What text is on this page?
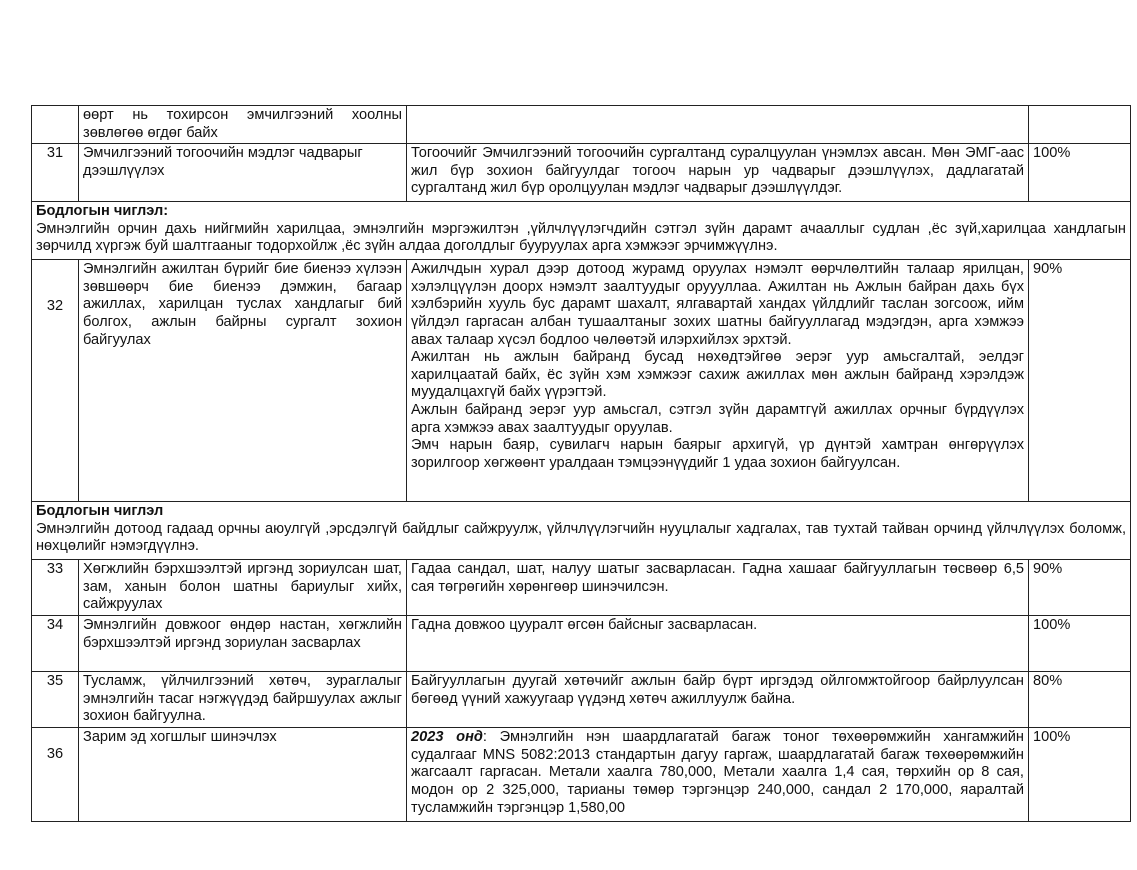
	өөрт нь тохирсон эмчилгээний хоолны зөвлөгөө өгдөг байх		
31	Эмчилгээний тогоочийн мэдлэг чадварыг дээшлүүлэх	Тогоочийг Эмчилгээний тогоочийн сургалтанд суралцуулан үнэмлэх авсан. Мөн ЭМГ-аас жил бүр зохион байгуулдаг тогооч нарын ур чадварыг дээшлүүлэх, дадлагатай сургалтанд жил бүр оролцуулан мэдлэг чадварыг дээшлүүлдэг.	100%

Бодлогын чиглэл:
Эмнэлгийн орчин дахь нийгмийн харилцаа, эмнэлгийн мэргэжилтэн ,үйлчлүүлэгчдийн сэтгэл зүйн дарамт ачааллыг судлан ,ёс зүй,харилцаа хандлагын зөрчилд хүргэж буй шалтгааныг тодорхойлж ,ёс зүйн алдаа доголдлыг бууруулах арга хэмжээг эрчимжүүлнэ.			

32	Эмнэлгийн ажилтан бүрийг бие биенээ хүлээн зөвшөөрч бие биенээ дэмжин, багаар ажиллах, харилцан туслах хандлагыг бий болгох, ажлын байрны сургалт зохион байгуулах	Ажилчдын хурал дээр дотоод журамд оруулах нэмэлт өөрчлөлтийн талаар ярилцан, хэлэлцүүлэн доорх нэмэлт заалтуудыг оруууллаа. Ажилтан нь Ажлын байран дахь бүх хэлбэрийн хууль бус дарамт шахалт, ялгавартай хандах үйлдлийг таслан зогсоож, ийм үйлдэл гаргасан албан тушаалтаныг зохих шатны байгууллагад мэдэгдэн, арга хэмжээ авах талаар хүсэл бодлоо чөлөөтэй илэрхийлэх эрхтэй.
Ажилтан нь ажлын байранд бусад нөхөдтэйгөө эерэг уур амьсгалтай, эелдэг харилцаатай байх, ёс зүйн хэм хэмжээг сахиж ажиллах мөн ажлын байранд хэрэлдэж муудалцахгүй байх үүрэгтэй.
Ажлын байранд эерэг уур амьсгал, сэтгэл зүйн дарамтгүй ажиллах орчныг бүрдүүлэх арга хэмжээ авах заалтуудыг оруулав.
Эмч нарын баяр, сувилагч нарын баярыг архигүй, үр дүнтэй хамтран өнгөрүүлэх зорилгоор хөгжөөнт уралдаан тэмцээнүүдийг 1 удаа зохион байгуулсан.	90%

Бодлогын чиглэл
Эмнэлгийн дотоод гадаад орчны аюулгүй ,эрсдэлгүй байдлыг сайжруулж, үйлчлүүлэгчийн нууцлалыг хадгалах, тав тухтай тайван орчинд үйлчлүүлэх боломж, нөхцөлийг нэмэгдүүлнэ.			

33	Хөгжлийн бэрхшээлтэй иргэнд зориулсан шат, зам, ханын болон шатны бариулыг хийх, сайжруулах	Гадаа сандал, шат, налуу шатыг засварласан. Гадна хашааг байгууллагын төсвөөр 6,5 сая төгрөгийн хөрөнгөөр шинэчилсэн.	90%
34	Эмнэлгийн довжоог өндөр настан, хөгжлийн бэрхшээлтэй иргэнд зориулан засварлах	Гадна довжоо цууралт өгсөн байсныг засварласан.	100%
35	Тусламж, үйлчилгээний хөтөч, зураглалыг эмнэлгийн тасаг нэгжүүдэд байршуулах ажлыг зохион байгуулна.	Байгууллагын дуугай хөтөчийг ажлын байр бүрт иргэдэд ойлгомжтойгоор байрлуулсан бөгөөд үүний хажуугаар үүдэнд хөтөч ажиллуулж байна.	80%
36	Зарим эд хогшлыг шинэчлэх	2023 онд: Эмнэлгийн нэн шаардлагатай багаж тоног төхөөрөмжийн хангамжийн судалгааг MNS 5082:2013 стандартын дагуу гаргаж, шаардлагатай багаж төхөөрөмжийн жагсаалт гаргасан. Метали хаалга 780,000, Метали хаалга 1,4 сая, төрхийн ор 8 сая, модон ор 2 325,000, тарианы төмөр тэргэнцэр 240,000, сандал 2 170,000, яаралтай тусламжийн тэргэнцэр 1,580,00	100%
